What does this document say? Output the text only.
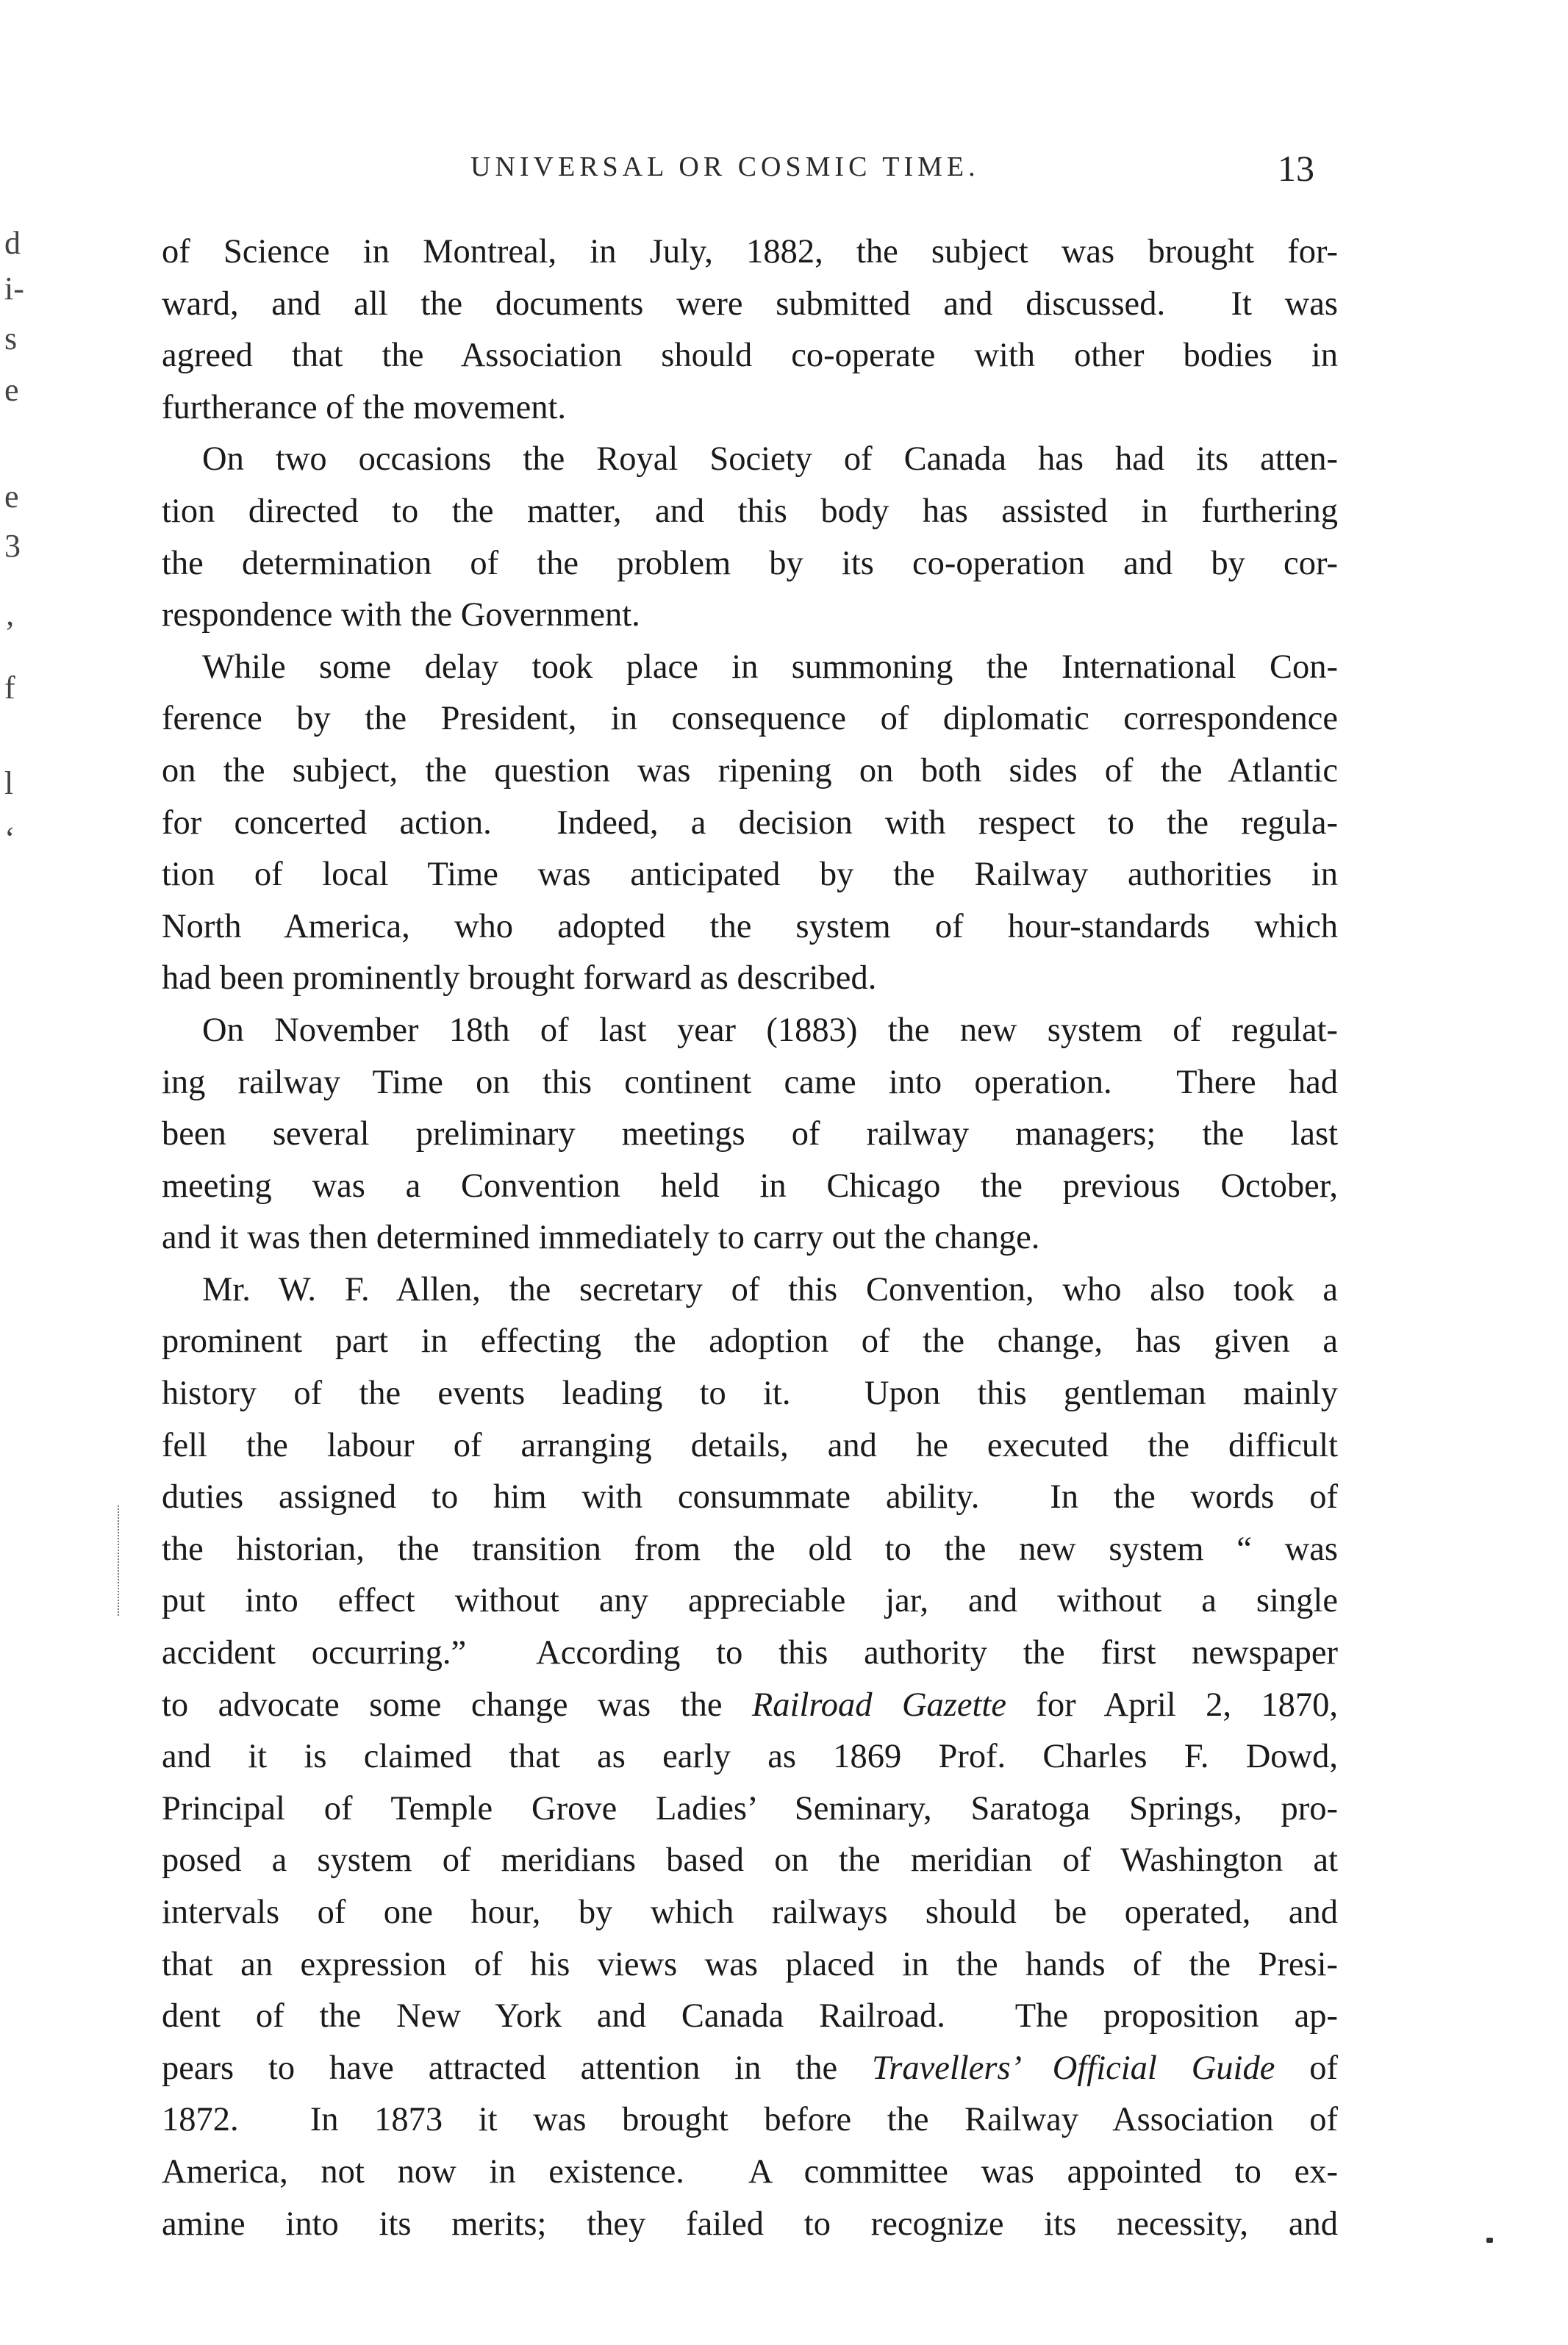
UNIVERSAL OR COSMIC TIME.	13
d
i-
s
e
e
3
ʼ
f
l
‘
of Science in Montreal, in July, 1882, the subject was brought for-
ward, and all the documents were submitted and discussed.  It was
agreed that the Association should co-operate with other bodies in
furtherance of the movement.
On two occasions the Royal Society of Canada has had its atten-
tion directed to the matter, and this body has assisted in furthering
the determination of the problem by its co-operation and by cor-
respondence with the Government.
While some delay took place in summoning the International Con-
ference by the President, in consequence of diplomatic correspondence
on the subject, the question was ripening on both sides of the Atlantic
for concerted action.  Indeed, a decision with respect to the regula-
tion of local Time was anticipated by the Railway authorities in
North America, who adopted the system of hour-standards which
had been prominently brought forward as described.
On November 18th of last year (1883) the new system of regulat-
ing railway Time on this continent came into operation.  There had
been several preliminary meetings of railway managers; the last
meeting was a Convention held in Chicago the previous October,
and it was then determined immediately to carry out the change.
Mr. W. F. Allen, the secretary of this Convention, who also took a
prominent part in effecting the adoption of the change, has given a
history of the events leading to it.  Upon this gentleman mainly
fell the labour of arranging details, and he executed the difficult
duties assigned to him with consummate ability.  In the words of
the historian, the transition from the old to the new system “ was
put into effect without any appreciable jar, and without a single
accident occurring.”  According to this authority the first newspaper
to advocate some change was the Railroad Gazette for April 2, 1870,
and it is claimed that as early as 1869 Prof. Charles F. Dowd,
Principal of Temple Grove Ladies’ Seminary, Saratoga Springs, pro-
posed a system of meridians based on the meridian of Washington at
intervals of one hour, by which railways should be operated, and
that an expression of his views was placed in the hands of the Presi-
dent of the New York and Canada Railroad.  The proposition ap-
pears to have attracted attention in the Travellers’ Official Guide of
1872.  In 1873 it was brought before the Railway Association of
America, not now in existence.  A committee was appointed to ex-
amine into its merits; they failed to recognize its necessity, and
